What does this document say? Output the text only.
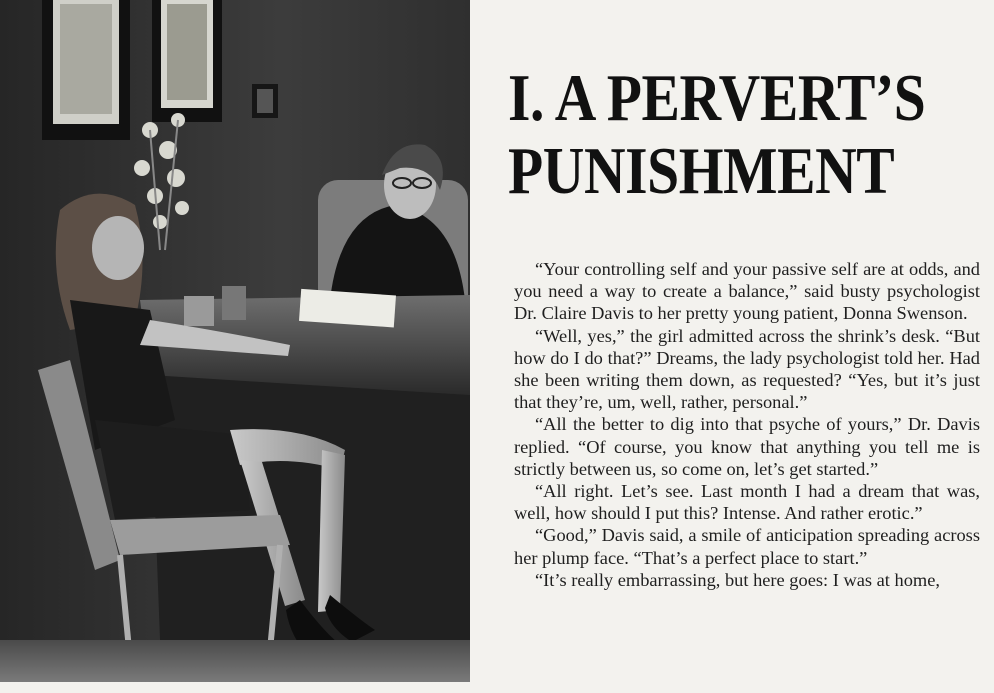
I. A PERVERT’S
PUNISHMENT

“Your controlling self and your passive self are at odds, and you need a way to create a balance,” said busty psychologist Dr. Claire Davis to her pretty young patient, Donna Swenson.

“Well, yes,” the girl admitted across the shrink’s desk. “But how do I do that?” Dreams, the lady psychologist told her. Had she been writing them down, as requested? “Yes, but it’s just that they’re, um, well, rather, personal.”

“All the better to dig into that psyche of yours,” Dr. Davis replied. “Of course, you know that anything you tell me is strictly between us, so come on, let’s get started.”

“All right. Let’s see. Last month I had a dream that was, well, how should I put this? Intense. And rather erotic.”

“Good,” Davis said, a smile of anticipation spreading across her plump face. “That’s a perfect place to start.”

“It’s really embarrassing, but here goes: I was at home,
